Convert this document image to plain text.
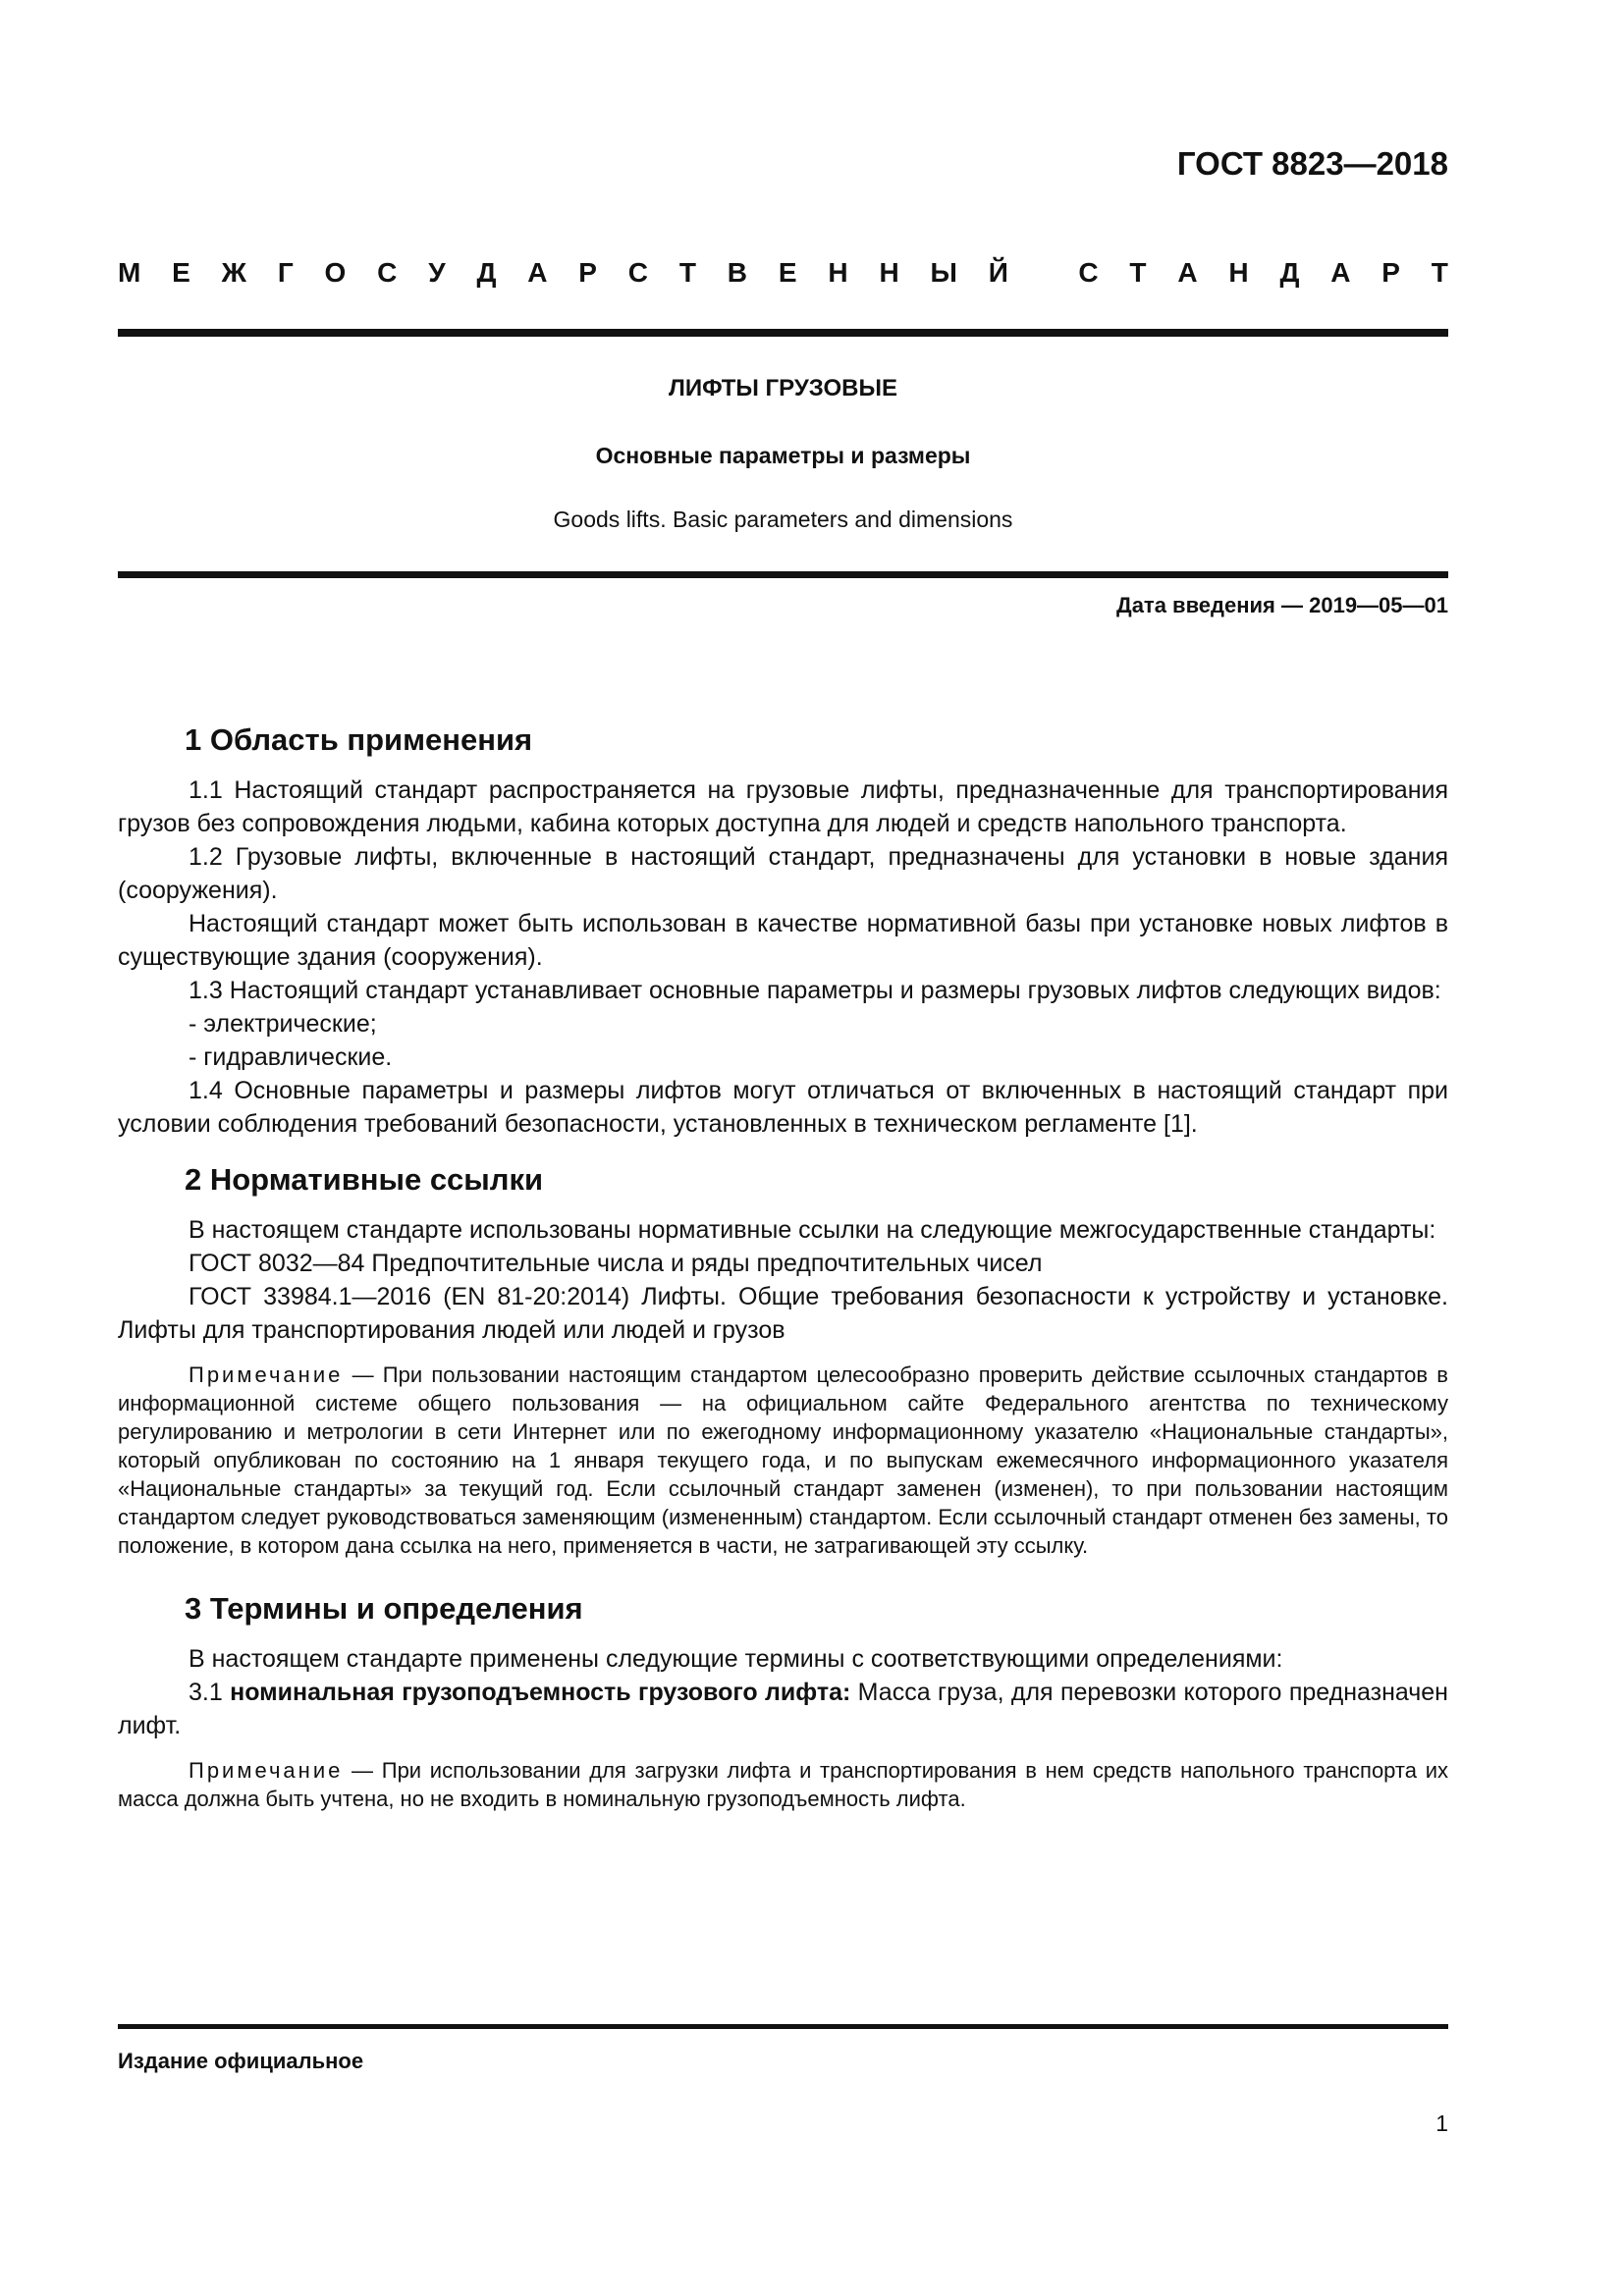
ГОСТ 8823—2018
М Е Ж Г О С У Д А Р С Т В Е Н Н Ы Й
	С Т А Н Д А Р Т
ЛИФТЫ ГРУЗОВЫЕ
Основные параметры и размеры
Goods lifts. Basic parameters and dimensions
Дата введения — 2019—05—01
1 Область применения

1.1 Настоящий стандарт распространяется на грузовые лифты, предназначенные для транспортирования грузов без сопровождения людьми, кабина которых доступна для людей и средств напольного транспорта.

1.2 Грузовые лифты, включенные в настоящий стандарт, предназначены для установки в новые здания (сооружения).

Настоящий стандарт может быть использован в качестве нормативной базы при установке новых лифтов в существующие здания (сооружения).

1.3 Настоящий стандарт устанавливает основные параметры и размеры грузовых лифтов следующих видов:

- электрические;

- гидравлические.

1.4 Основные параметры и размеры лифтов могут отличаться от включенных в настоящий стандарт при условии соблюдения требований безопасности, установленных в техническом регламенте [1].

2 Нормативные ссылки

В настоящем стандарте использованы нормативные ссылки на следующие межгосударственные стандарты:

ГОСТ 8032—84 Предпочтительные числа и ряды предпочтительных чисел

ГОСТ 33984.1—2016 (EN 81-20:2014) Лифты. Общие требования безопасности к устройству и установке. Лифты для транспортирования людей или людей и грузов

Примечание — При пользовании настоящим стандартом целесообразно проверить действие ссылочных стандартов в информационной системе общего пользования — на официальном сайте Федерального агентства по техническому регулированию и метрологии в сети Интернет или по ежегодному информационному указателю «Национальные стандарты», который опубликован по состоянию на 1 января текущего года, и по выпускам ежемесячного информационного указателя «Национальные стандарты» за текущий год. Если ссылочный стандарт заменен (изменен), то при пользовании настоящим стандартом следует руководствоваться заменяющим (измененным) стандартом. Если ссылочный стандарт отменен без замены, то положение, в котором дана ссылка на него, применяется в части, не затрагивающей эту ссылку.

3 Термины и определения

В настоящем стандарте применены следующие термины с соответствующими определениями:

3.1 номинальная грузоподъемность грузового лифта: Масса груза, для перевозки которого предназначен лифт.

Примечание — При использовании для загрузки лифта и транспортирования в нем средств напольного транспорта их масса должна быть учтена, но не входить в номинальную грузоподъемность лифта.

Издание официальное
1
